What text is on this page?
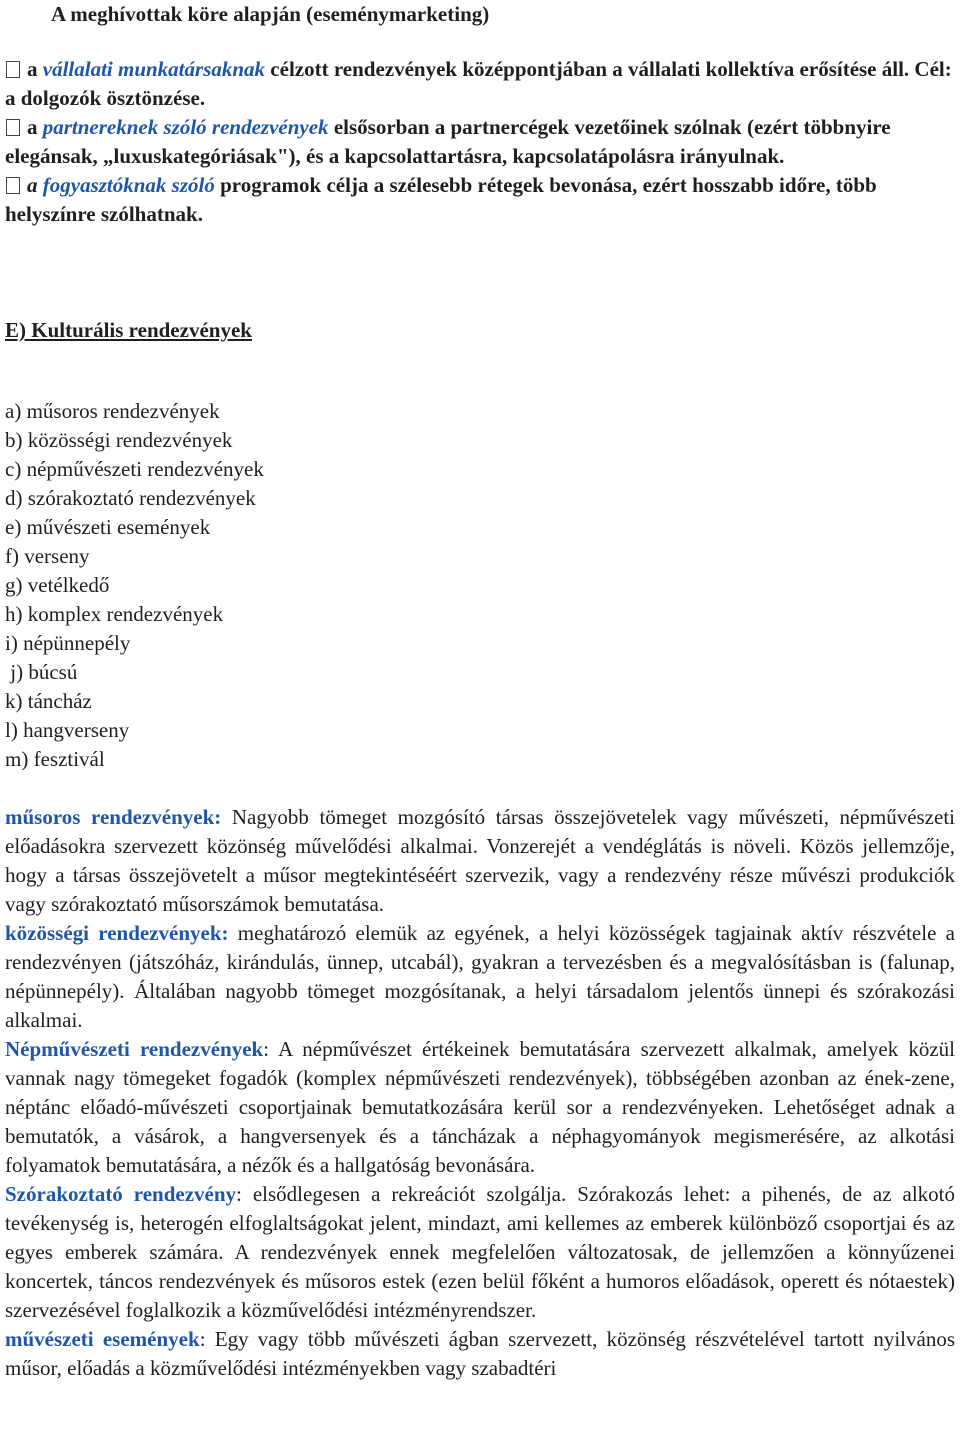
A meghívottak köre alapján (eseménymarketing)

a vállalati munkatársaknak célzott rendezvények középpontjában a vállalati kollektíva erősítése áll. Cél: a dolgozók ösztönzése.

a partnereknek szóló rendezvények elsősorban a partnercégek vezetőinek szólnak (ezért többnyire elegánsak, „luxuskategóriásak"), és a kapcsolattartásra, kapcsolatápolásra irányulnak.

a fogyasztóknak szóló programok célja a szélesebb rétegek bevonása, ezért hosszabb időre, több helyszínre szólhatnak.

E) Kulturális rendezvények
a) műsoros rendezvények
b) közösségi rendezvények
c) népművészeti rendezvények
d) szórakoztató rendezvények
e) művészeti események
f) verseny
g) vetélkedő
h) komplex rendezvények
i) népünnepély
j) búcsú
k) táncház
l) hangverseny
m) fesztivál

műsoros rendezvények: Nagyobb tömeget mozgósító társas összejövetelek vagy művészeti, népművészeti előadásokra szervezett közönség művelődési alkalmai. Vonzerejét a vendéglátás is növeli. Közös jellemzője, hogy a társas összejövetelt a műsor megtekintéséért szervezik, vagy a rendezvény része művészi produkciók vagy szórakoztató műsorszámok bemutatása.

közösségi rendezvények: meghatározó elemük az egyének, a helyi közösségek tagjainak aktív részvétele a rendezvényen (játszóház, kirándulás, ünnep, utcabál), gyakran a tervezésben és a megvalósításban is (falunap, népünnepély). Általában nagyobb tömeget mozgósítanak, a helyi társadalom jelentős ünnepi és szórakozási alkalmai.

Népművészeti rendezvények: A népművészet értékeinek bemutatására szervezett alkalmak, amelyek közül vannak nagy tömegeket fogadók (komplex népművészeti rendezvények), többségében azonban az ének-zene, néptánc előadó-művészeti csoportjainak bemutatkozására kerül sor a rendezvényeken. Lehetőséget adnak a bemutatók, a vásárok, a hangversenyek és a táncházak a néphagyományok megismerésére, az alkotási folyamatok bemutatására, a nézők és a hallgatóság bevonására.

Szórakoztató rendezvény: elsődlegesen a rekreációt szolgálja. Szórakozás lehet: a pihenés, de az alkotó tevékenység is, heterogén elfoglaltságokat jelent, mindazt, ami kellemes az emberek különböző csoportjai és az egyes emberek számára. A rendezvények ennek megfelelően változatosak, de jellemzően a könnyűzenei koncertek, táncos rendezvények és műsoros estek (ezen belül főként a humoros előadások, operett és nótaestek) szervezésével foglalkozik a közművelődési intézményrendszer.

művészeti események: Egy vagy több művészeti ágban szervezett, közönség részvételével tartott nyilvános műsor, előadás a közművelődési intézményekben vagy szabadtéri
